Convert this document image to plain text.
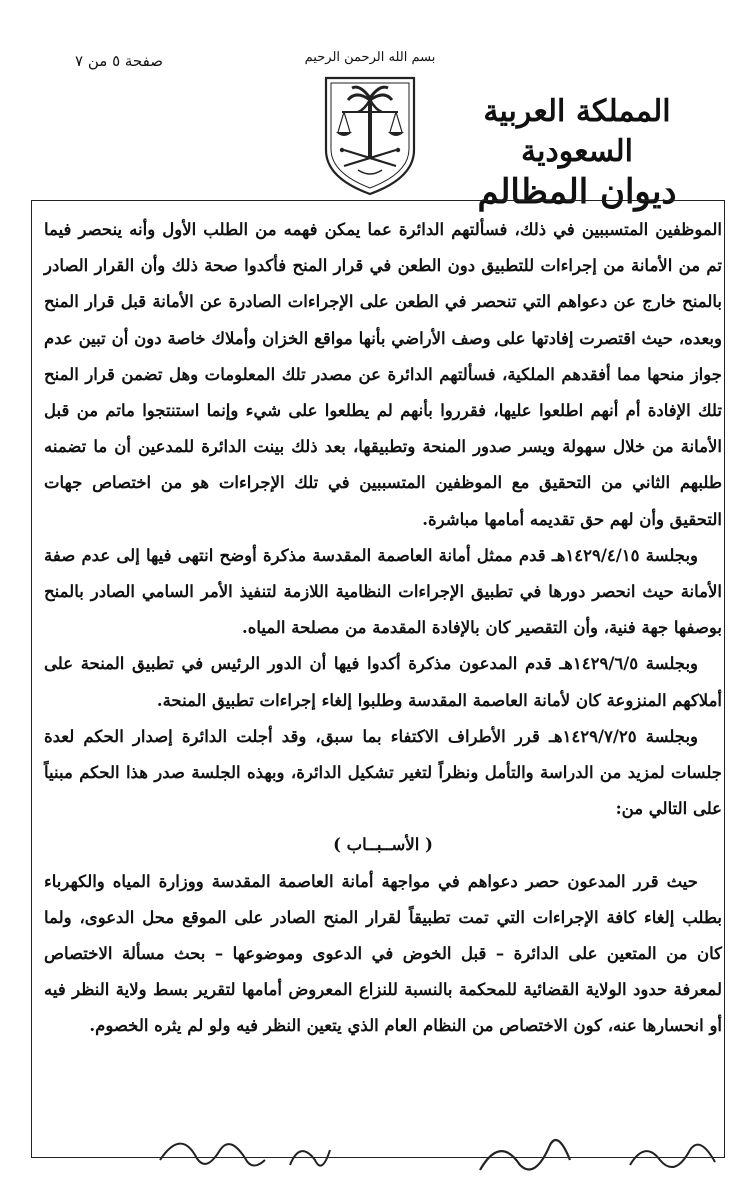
بسم الله الرحمن الرحيم
صفحة ٥ من ٧
المملكة العربية السعودية
ديوان المظالم

الموظفين المتسببين في ذلك، فسألتهم الدائرة عما يمكن فهمه من الطلب الأول وأنه ينحصر فيما تم من الأمانة من إجراءات للتطبيق دون الطعن في قرار المنح فأكدوا صحة ذلك وأن القرار الصادر بالمنح خارج عن دعواهم التي تنحصر في الطعن على الإجراءات الصادرة عن الأمانة قبل قرار المنح وبعده، حيث اقتصرت إفادتها على وصف الأراضي بأنها مواقع الخزان وأملاك خاصة دون أن تبين عدم جواز منحها مما أفقدهم الملكية، فسألتهم الدائرة عن مصدر تلك المعلومات وهل تضمن قرار المنح تلك الإفادة أم أنهم اطلعوا عليها، فقرروا بأنهم لم يطلعوا على شيء وإنما استنتجوا ماتم من قبل الأمانة من خلال سهولة ويسر صدور المنحة وتطبيقها، بعد ذلك بينت الدائرة للمدعين أن ما تضمنه طلبهم الثاني من التحقيق مع الموظفين المتسببين في تلك الإجراءات هو من اختصاص جهات التحقيق وأن لهم حق تقديمه أمامها مباشرة.

وبجلسة ١٤٢٩/٤/١٥هـ قدم ممثل أمانة العاصمة المقدسة مذكرة أوضح انتهى فيها إلى عدم صفة الأمانة حيث انحصر دورها في تطبيق الإجراءات النظامية اللازمة لتنفيذ الأمر السامي الصادر بالمنح بوصفها جهة فنية، وأن التقصير كان بالإفادة المقدمة من مصلحة المياه.

وبجلسة ١٤٢٩/٦/٥هـ قدم المدعون مذكرة أكدوا فيها أن الدور الرئيس في تطبيق المنحة على أملاكهم المنزوعة كان لأمانة العاصمة المقدسة وطلبوا إلغاء إجراءات تطبيق المنحة.

وبجلسة ١٤٢٩/٧/٢٥هـ قرر الأطراف الاكتفاء بما سبق، وقد أجلت الدائرة إصدار الحكم لعدة جلسات لمزيد من الدراسة والتأمل ونظراً لتغير تشكيل الدائرة، وبهذه الجلسة صدر هذا الحكم مبنياً على التالي من:

( الأســبــاب )

حيث قرر المدعون حصر دعواهم في مواجهة أمانة العاصمة المقدسة ووزارة المياه والكهرباء بطلب إلغاء كافة الإجراءات التي تمت تطبيقاً لقرار المنح الصادر على الموقع محل الدعوى، ولما كان من المتعين على الدائرة – قبل الخوض في الدعوى وموضوعها – بحث مسألة الاختصاص لمعرفة حدود الولاية القضائية للمحكمة بالنسبة للنزاع المعروض أمامها لتقرير بسط ولاية النظر فيه أو انحسارها عنه، كون الاختصاص من النظام العام الذي يتعين النظر فيه ولو لم يثره الخصوم.
